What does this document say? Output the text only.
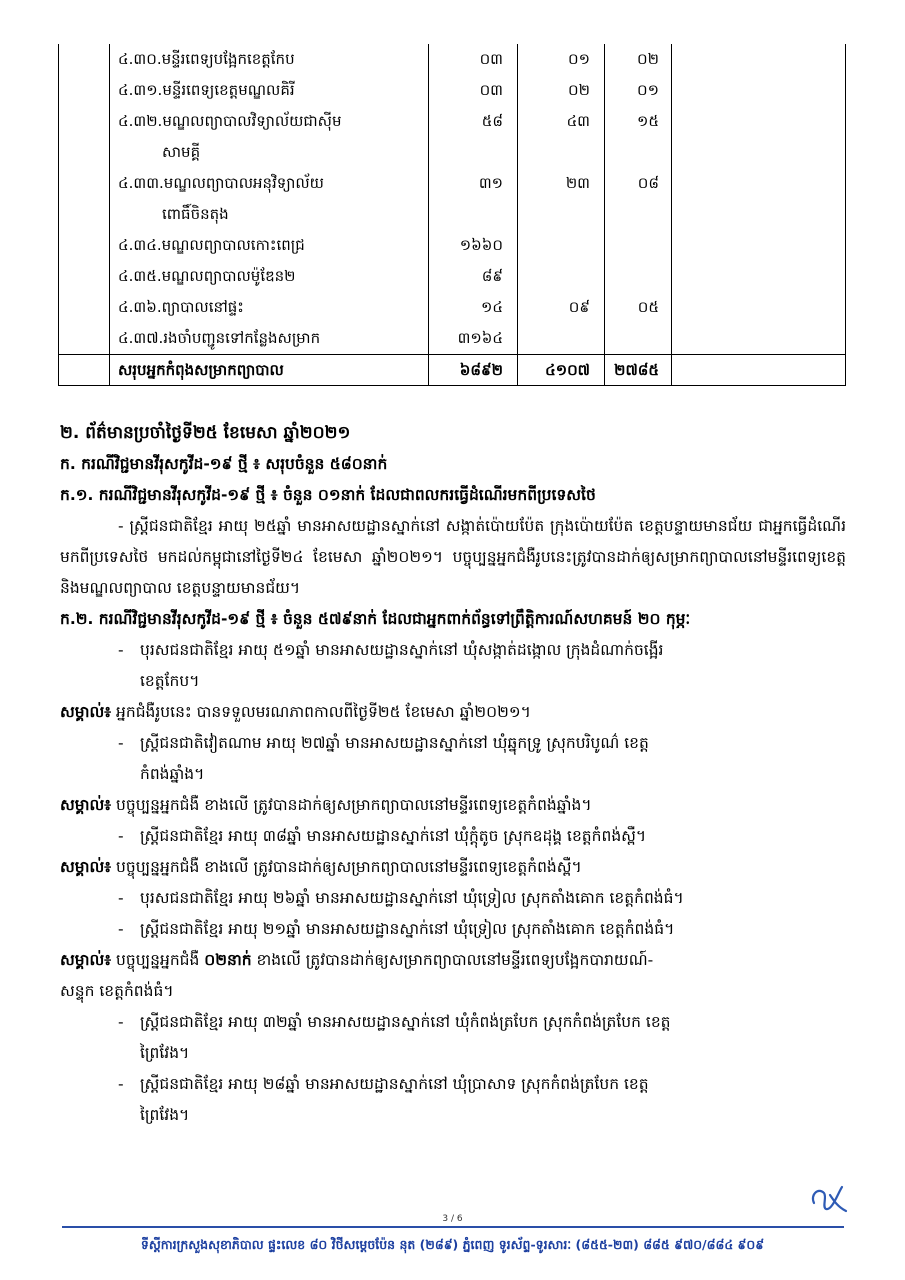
	៤.៣០.មន្ទីរពេទ្យបង្អែកខេត្តកែប	០៣	០១	០២	
	៤.៣១.មន្ទីរពេទ្យខេត្តមណ្ឌលគិរី	០៣	០២	០១	
	៤.៣២.មណ្ឌលព្យាបាលវិទ្យាល័យជាស៊ីម
សាមគ្គី	៥៨	៤៣	១៥	
	៤.៣៣.មណ្ឌលព្យាបាលអនុវិទ្យាល័យ
ពោធិ៍ចិនតុង	៣១	២៣	០៨	
	៤.៣៤.មណ្ឌលព្យាបាលកោះពេជ្រ	១៦៦០			
	៤.៣៥.មណ្ឌលព្យាបាលម៉ូឌែន២	៨៩			
	៤.៣៦.ព្យាបាលនៅផ្ទះ	១៤	០៩	០៥	
	៤.៣៧.រងចាំបញ្ជូនទៅកន្លែងសម្រាក	៣១៦៤			
	សរុបអ្នកកំពុងសម្រាកព្យាបាល	៦៨៩២	៤១០៧	២៧៨៥	

២. ព័ត៌មានប្រចាំថ្ងៃទី២៥ ខែមេសា ឆ្នាំ២០២១

ក. ករណីវិជ្ជមានវីរុសកូវីដ-១៩ ថ្មី ៖ សរុបចំនួន ៥៨០នាក់

ក.១. ករណីវិជ្ជមានវីរុសកូវីដ-១៩ ថ្មី ៖ ចំនួន ០១នាក់ ដែលជាពលករធ្វើដំណើរមកពីប្រទេសថៃ

- ស្ត្រីជនជាតិខ្មែរ អាយុ ២៥ឆ្នាំ មានអាសយដ្ឋានស្នាក់នៅ សង្កាត់ប៉ោយប៉ែត ក្រុងប៉ោយប៉ែត ខេត្តបន្ទាយមានជ័យ ជាអ្នកធ្វើដំណើរមកពីប្រទេសថៃ មកដល់កម្ពុជានៅថ្ងៃទី២៤ ខែមេសា ឆ្នាំ២០២១។ បច្ចុប្បន្នអ្នកជំងឺរូបនេះត្រូវបានដាក់ឲ្យសម្រាកព្យាបាលនៅមន្ទីរពេទ្យខេត្ត និងមណ្ឌលព្យាបាល ខេត្តបន្ទាយមានជ័យ។

ក.២. ករណីវិជ្ជមានវីរុសកូវីដ-១៩ ថ្មី ៖ ចំនួន ៥៧៩នាក់ ដែលជាអ្នកពាក់ព័ន្ធទៅព្រឹត្តិការណ៍សហគមន៍ ២០ កុម្ភៈ

- បុរសជនជាតិខ្មែរ អាយុ ៥១ឆ្នាំ មានអាសយដ្ឋានស្នាក់នៅ ឃុំសង្កាត់ដង្កោល ក្រុងដំណាក់ចង្អើរ

ខេត្តកែប។

សម្គាល់៖ អ្នកជំងឺរូបនេះ បានទទួលមរណភាពកាលពីថ្ងៃទី២៥ ខែមេសា ឆ្នាំ២០២១។

- ស្ត្រីជនជាតិវៀតណាម អាយុ ២៧ឆ្នាំ មានអាសយដ្ឋានស្នាក់នៅ ឃុំឆ្នុកទ្រូ ស្រុកបរិបូណ៌ ខេត្ត

កំពង់ឆ្នាំង។

សម្គាល់៖ បច្ចុប្បន្នអ្នកជំងឺ ខាងលើ ត្រូវបានដាក់ឲ្យសម្រាកព្យាបាលនៅមន្ទីរពេទ្យខេត្តកំពង់ឆ្នាំង។

- ស្ត្រីជនជាតិខ្មែរ អាយុ ៣៨ឆ្នាំ មានអាសយដ្ឋានស្នាក់នៅ ឃុំក្ដុំតូច ស្រុកឧដុង្គ ខេត្តកំពង់ស្ពឺ។

សម្គាល់៖ បច្ចុប្បន្នអ្នកជំងឺ ខាងលើ ត្រូវបានដាក់ឲ្យសម្រាកព្យាបាលនៅមន្ទីរពេទ្យខេត្តកំពង់ស្ពឺ។

- បុរសជនជាតិខ្មែរ អាយុ ២៦ឆ្នាំ មានអាសយដ្ឋានស្នាក់នៅ ឃុំទ្រៀល ស្រុកតាំងគោក ខេត្តកំពង់ធំ។

- ស្ត្រីជនជាតិខ្មែរ អាយុ ២១ឆ្នាំ មានអាសយដ្ឋានស្នាក់នៅ ឃុំទ្រៀល ស្រុកតាំងគោក ខេត្តកំពង់ធំ។

សម្គាល់៖ បច្ចុប្បន្នអ្នកជំងឺ ០២នាក់ ខាងលើ ត្រូវបានដាក់ឲ្យសម្រាកព្យាបាលនៅមន្ទីរពេទ្យបង្អែកបារាយណ៍-

សន្ទុក ខេត្តកំពង់ធំ។

- ស្ត្រីជនជាតិខ្មែរ អាយុ ៣២ឆ្នាំ មានអាសយដ្ឋានស្នាក់នៅ ឃុំកំពង់ត្របែក ស្រុកកំពង់ត្របែក ខេត្ត

ព្រៃវែង។

- ស្ត្រីជនជាតិខ្មែរ អាយុ ២៨ឆ្នាំ មានអាសយដ្ឋានស្នាក់នៅ ឃុំប្រាសាទ ស្រុកកំពង់ត្របែក ខេត្ត

ព្រៃវែង។

3 / 6
ទីស្តីការក្រសួងសុខាភិបាល ផ្ទះលេខ ៨០ វិថីសម្ដេចប៉ែន នុត (២៨៩) ភ្នំពេញ ទូរស័ព្ទ-ទូរសារៈ (៨៥៥-២៣) ៨៨៥ ៩៧០/៨៨៤ ៩០៩
